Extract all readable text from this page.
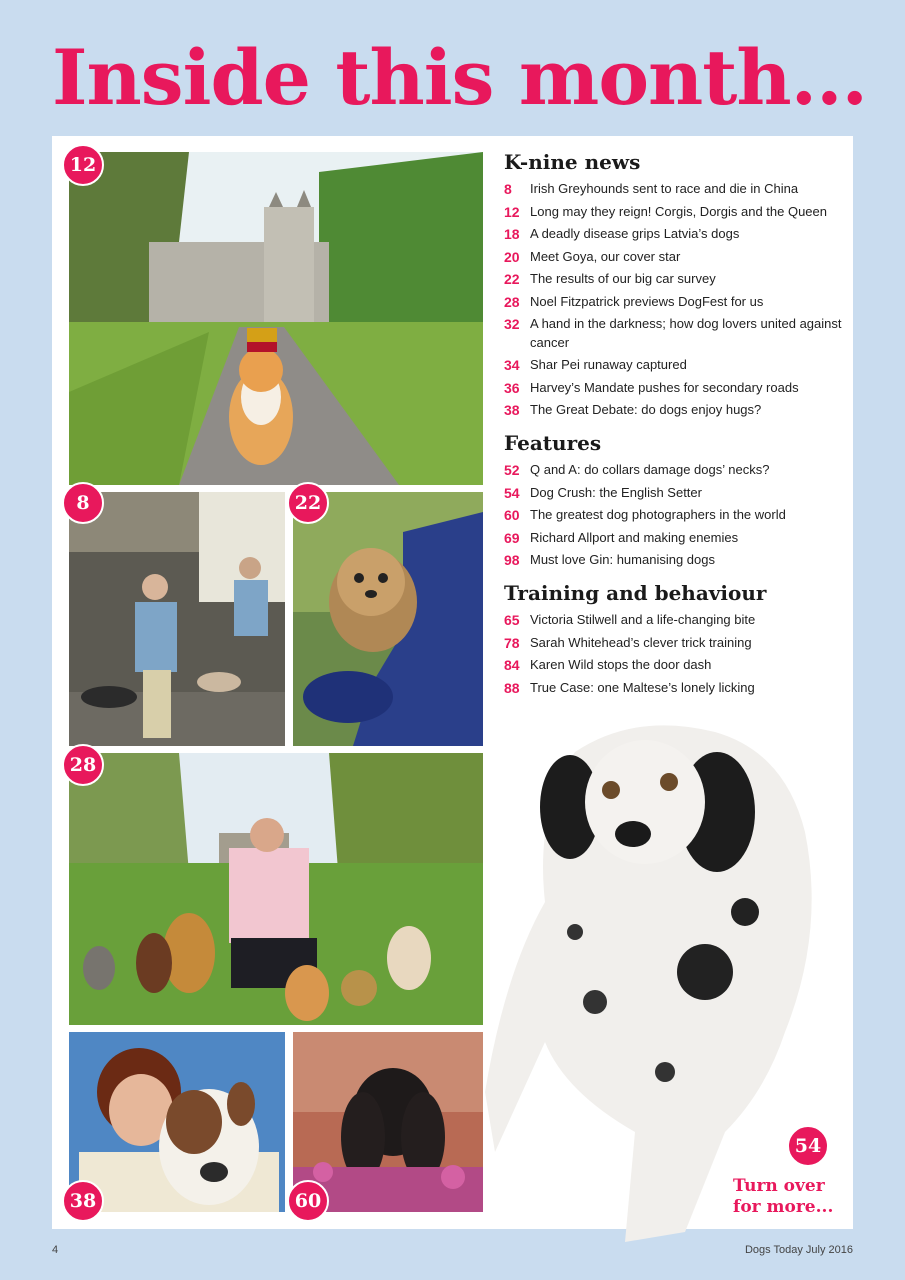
Inside this month...
12
8	22
28
38	60
54
Turn over
for more...
K-nine news
8	Irish Greyhounds sent to race and die in China
12 Long may they reign! Corgis, Dorgis and the Queen
18 A deadly disease grips Latvia’s dogs
20 Meet Goya, our cover star
22 The results of our big car survey
28 Noel Fitzpatrick previews DogFest for us
32 A hand in the darkness; how dog lovers united against cancer
34 Shar Pei runaway captured
36 Harvey’s Mandate pushes for secondary roads
38 The Great Debate: do dogs enjoy hugs?
Features
52 Q and A: do collars damage dogs’ necks?
54 Dog Crush: the English Setter
60 The greatest dog photographers in the world
69 Richard Allport and making enemies
98 Must love Gin: humanising dogs
Training and behaviour
65 Victoria Stilwell and a life-changing bite
78 Sarah Whitehead’s clever trick training
84 Karen Wild stops the door dash
88 True Case: one Maltese’s lonely licking
4	Dogs Today July 2016
